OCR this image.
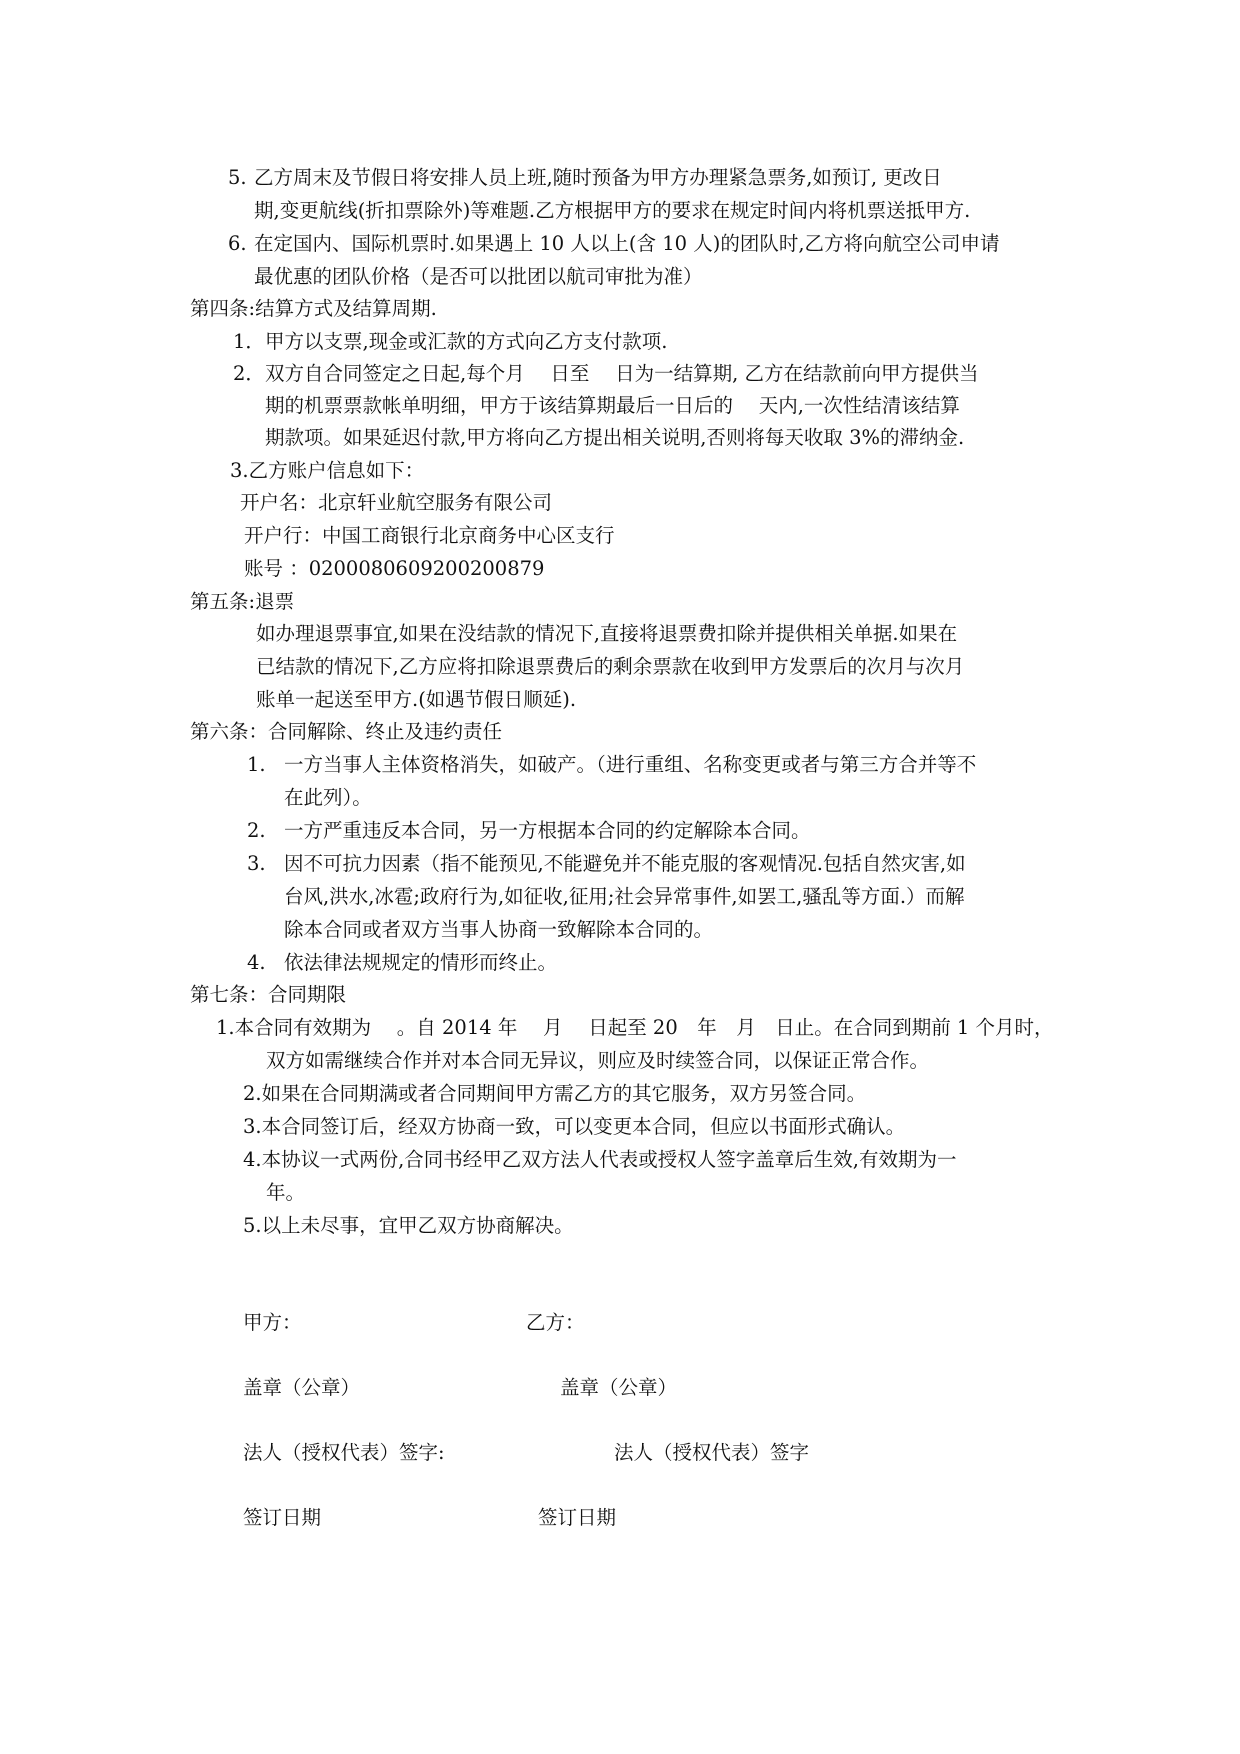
5. 乙方周末及节假日将安排人员上班,随时预备为甲方办理紧急票务,如预订, 更改日

期,变更航线(折扣票除外)等难题.乙方根据甲方的要求在规定时间内将机票送抵甲方.

6. 在定国内、国际机票时.如果遇上 10 人以上(含 10 人)的团队时,乙方将向航空公司申请

最优惠的团队价格（是否可以批团以航司审批为准）

第四条:结算方式及结算周期.

1． 甲方以支票,现金或汇款的方式向乙方支付款项.

2． 双方自合同签定之日起,每个月　 日至　 日为一结算期, 乙方在结款前向甲方提供当

期的机票票款帐单明细，甲方于该结算期最后一日后的　 天内,一次性结清该结算

期款项。如果延迟付款,甲方将向乙方提出相关说明,否则将每天收取 3%的滞纳金.

3.乙方账户信息如下：

开户名：北京轩业航空服务有限公司

开户行：中国工商银行北京商务中心区支行

账号 ：0200080609200200879

第五条:退票

如办理退票事宜,如果在没结款的情况下,直接将退票费扣除并提供相关单据.如果在

已结款的情况下,乙方应将扣除退票费后的剩余票款在收到甲方发票后的次月与次月

账单一起送至甲方.(如遇节假日顺延).

第六条：合同解除、终止及违约责任

1. 一方当事人主体资格消失，如破产。（进行重组、名称变更或者与第三方合并等不

在此列）。

2. 一方严重违反本合同，另一方根据本合同的约定解除本合同。

3. 因不可抗力因素（指不能预见,不能避免并不能克服的客观情况.包括自然灾害,如

台风,洪水,冰雹;政府行为,如征收,征用;社会异常事件,如罢工,骚乱等方面.）而解

除本合同或者双方当事人协商一致解除本合同的。

4. 依法律法规规定的情形而终止。

第七条：合同期限

1.本合同有效期为　 。自 2014 年　 月　 日起至 20　年　月　日止。在合同到期前 1 个月时，

双方如需继续合作并对本合同无异议，则应及时续签合同，以保证正常合作。

2.如果在合同期满或者合同期间甲方需乙方的其它服务，双方另签合同。

3.本合同签订后，经双方协商一致，可以变更本合同，但应以书面形式确认。

4.本协议一式两份,合同书经甲乙双方法人代表或授权人签字盖章后生效,有效期为一

年。

5.以上未尽事，宜甲乙双方协商解决。

甲方：	乙方：

盖章（公章）	盖章（公章）

法人（授权代表）签字:	法人（授权代表）签字

签订日期	签订日期
